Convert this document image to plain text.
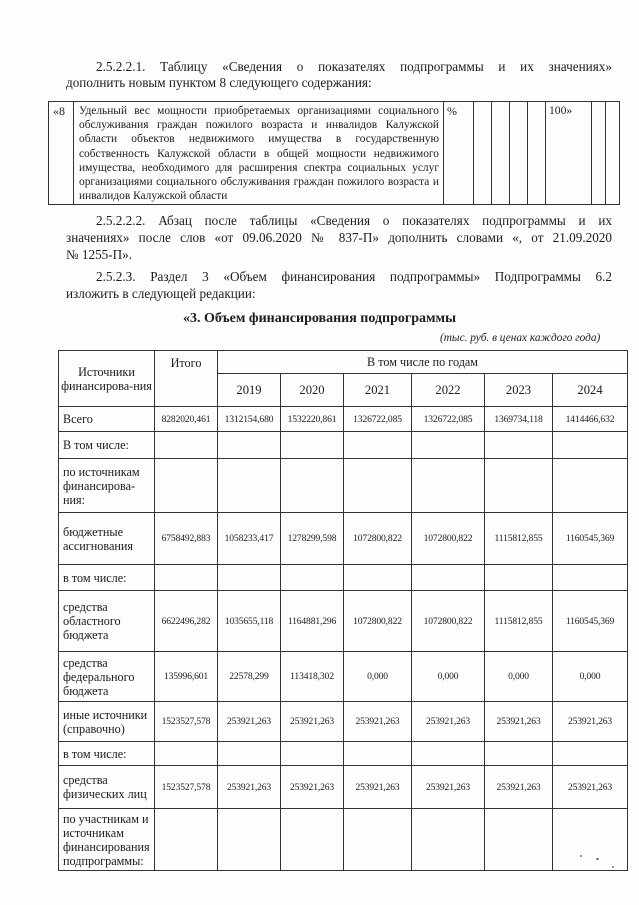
2.5.2.2.1. Таблицу «Сведения о показателях подпрограммы и их значениях»
дополнить новым пунктом 8 следующего содержания:
«8	Удельный вес мощности приобретаемых организациями социального обслуживания граждан пожилого возраста и инвалидов Калужской области объектов недвижимого имущества в государственную собственность Калужской области в общей мощности недвижимого имущества, необходимого для расширения спектра социальных услуг организациями социального обслуживания граждан пожилого возраста и инвалидов Калужской области	%					100»		
2.5.2.2.2. Абзац после таблицы «Сведения о показателях подпрограммы и их
значениях» после слов «от 09.06.2020 № 837-П» дополнить словами «, от 21.09.2020
№ 1255-П».
2.5.2.3. Раздел 3 «Объем финансирования подпрограммы» Подпрограммы 6.2
изложить в следующей редакции:
«3. Объем финансирования подпрограммы
(тыс. руб. в ценах каждого года)
Источники финансирова-ния	Итого	В том числе по годам					
		2019	2020	2021	2022	2023	2024
Всего	8282020,461	1312154,680	1532220,861	1326722,085	1326722,085	1369734,118	1414466,632
В том числе:							
по источникам финансирова-ния:							
бюджетные ассигнования	6758492,883	1058233,417	1278299,598	1072800,822	1072800,822	1115812,855	1160545,369
в том числе:							
средства областного бюджета	6622496,282	1035655,118	1164881,296	1072800,822	1072800,822	1115812,855	1160545,369
средства федерального бюджета	135996,601	22578,299	113418,302	0,000	0,000	0,000	0,000
иные источники (справочно)	1523527,578	253921,263	253921,263	253921,263	253921,263	253921,263	253921,263
в том числе:							
средства физических лиц	1523527,578	253921,263	253921,263	253921,263	253921,263	253921,263	253921,263
по участникам и источникам финансирования подпрограммы:							
